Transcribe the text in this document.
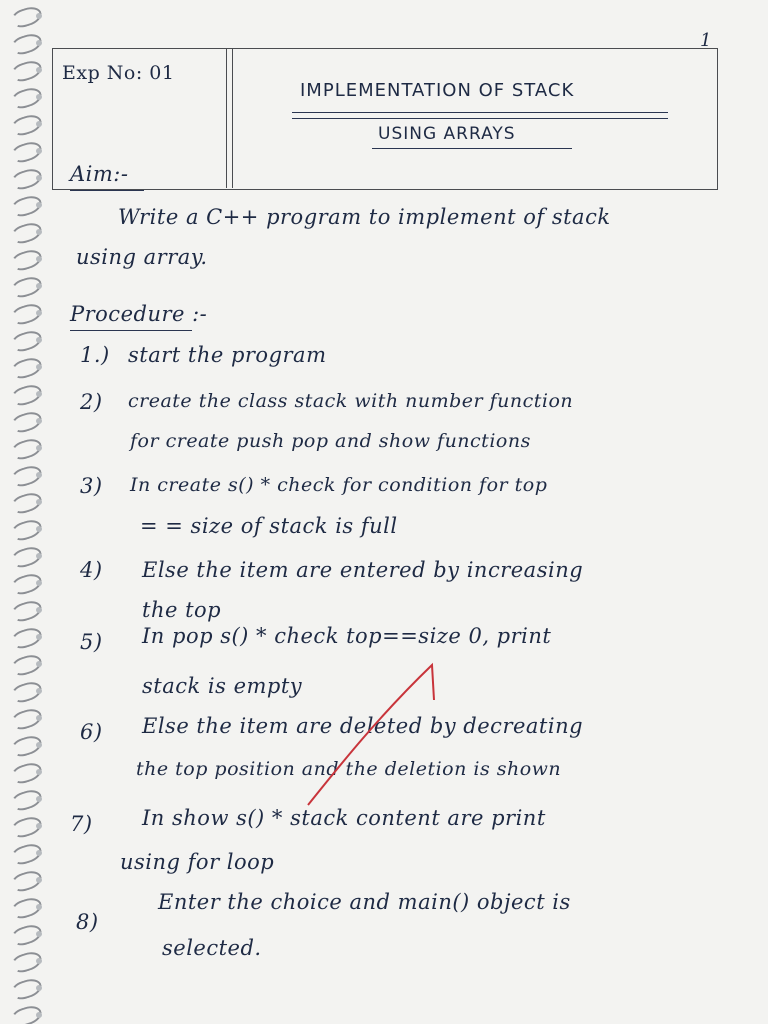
1
Exp No: 01
IMPLEMENTATION OF STACK
USING ARRAYS
Aim:-
Write a C++ program to implement of stack
using array.
Procedure :-
1.) start the program
2) create the class stack with number function
for create push pop and show functions
3) In create s() * check for condition for top
= = size of stack is full
4) Else the item are entered by increasing
the top
5) In pop s() * check top==size 0, print
stack is empty
6) Else the item are deleted by decreating
the top position and the deletion is shown
7) In show s() * stack content are print
using for loop
8)
Enter the choice and main() object is
selected.
